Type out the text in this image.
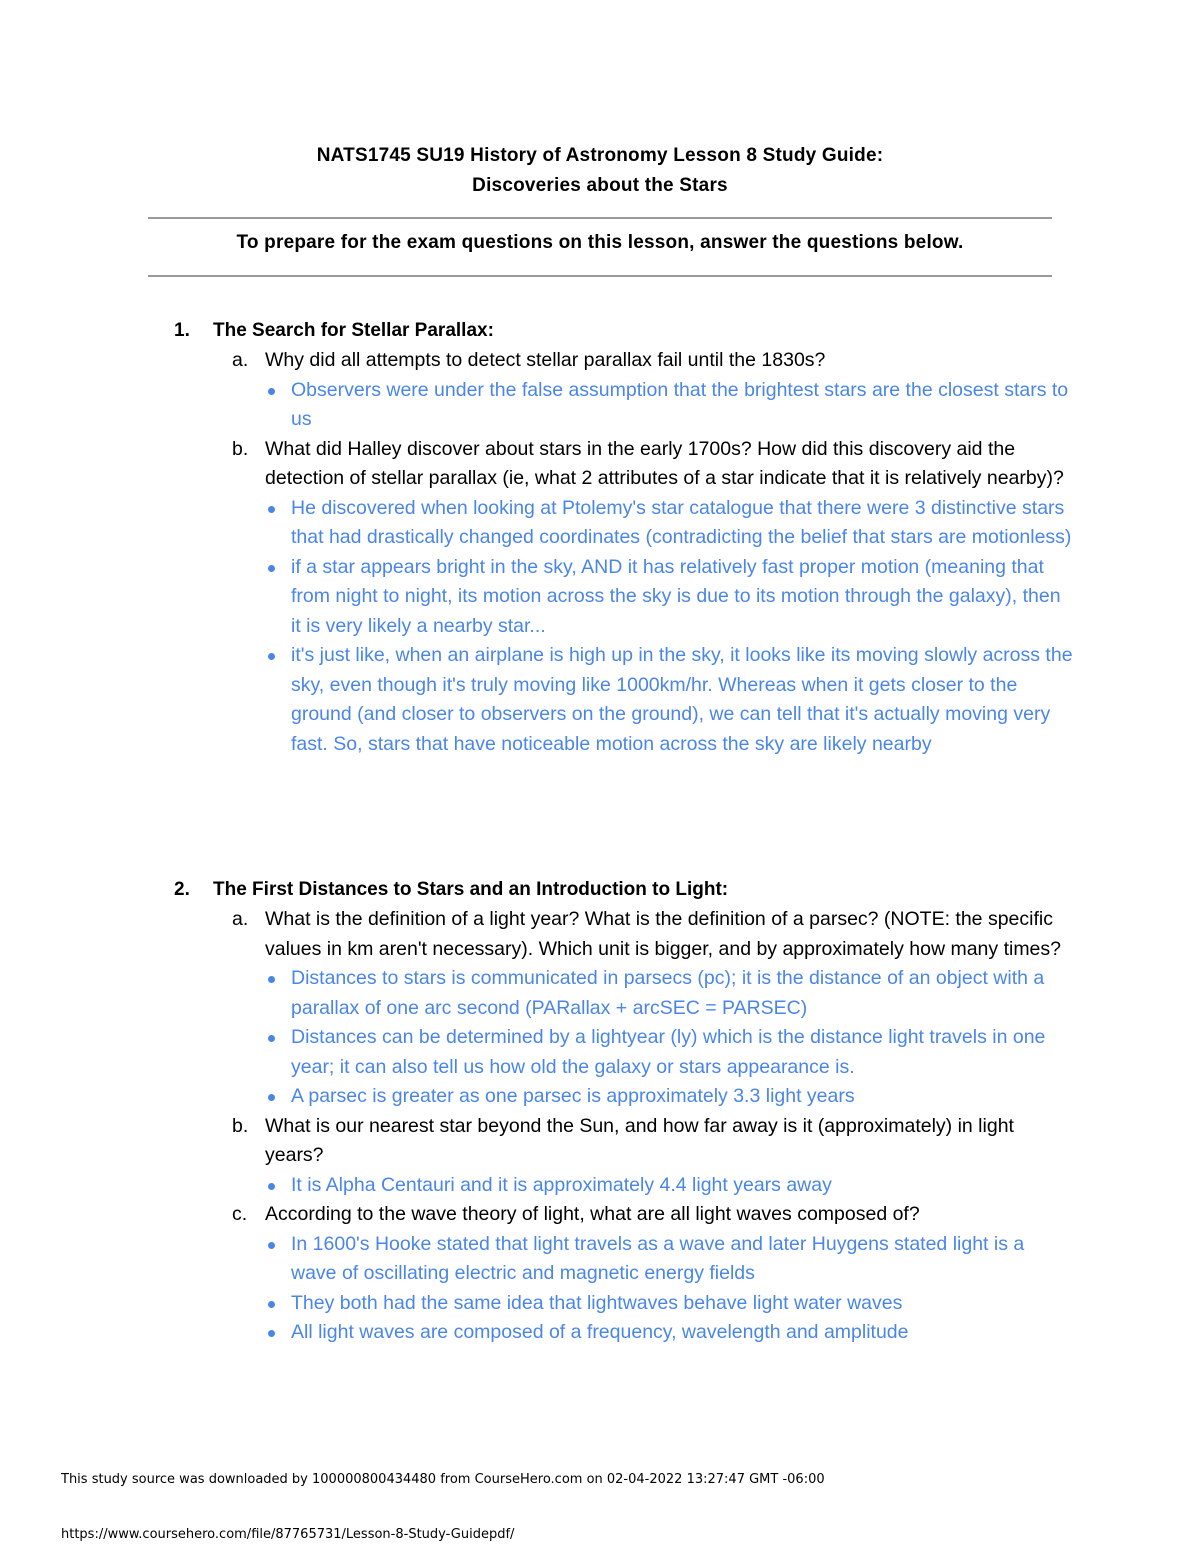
NATS1745 SU19 History of Astronomy Lesson 8 Study Guide:
Discoveries about the Stars
To prepare for the exam questions on this lesson, answer the questions below.
1. The Search for Stellar Parallax:
a. Why did all attempts to detect stellar parallax fail until the 1830s?
Observers were under the false assumption that the brightest stars are the closest stars to us
b. What did Halley discover about stars in the early 1700s? How did this discovery aid the detection of stellar parallax (ie, what 2 attributes of a star indicate that it is relatively nearby)?
He discovered when looking at Ptolemy's star catalogue that there were 3 distinctive stars that had drastically changed coordinates (contradicting the belief that stars are motionless)
if a star appears bright in the sky, AND it has relatively fast proper motion (meaning that from night to night, its motion across the sky is due to its motion through the galaxy), then it is very likely a nearby star...
it's just like, when an airplane is high up in the sky, it looks like its moving slowly across the sky, even though it's truly moving like 1000km/hr. Whereas when it gets closer to the ground (and closer to observers on the ground), we can tell that it's actually moving very fast. So, stars that have noticeable motion across the sky are likely nearby
2. The First Distances to Stars and an Introduction to Light:
a. What is the definition of a light year? What is the definition of a parsec? (NOTE: the specific values in km aren't necessary). Which unit is bigger, and by approximately how many times?
Distances to stars is communicated in parsecs (pc); it is the distance of an object with a parallax of one arc second (PARallax + arcSEC = PARSEC)
Distances can be determined by a lightyear (ly) which is the distance light travels in one year; it can also tell us how old the galaxy or stars appearance is.
A parsec is greater as one parsec is approximately 3.3 light years
b. What is our nearest star beyond the Sun, and how far away is it (approximately) in light years?
It is Alpha Centauri and it is approximately 4.4 light years away
c. According to the wave theory of light, what are all light waves composed of?
In 1600's Hooke stated that light travels as a wave and later Huygens stated light is a wave of oscillating electric and magnetic energy fields
They both had the same idea that lightwaves behave light water waves
All light waves are composed of a frequency, wavelength and amplitude
This study source was downloaded by 100000800434480 from CourseHero.com on 02-04-2022 13:27:47 GMT -06:00
https://www.coursehero.com/file/87765731/Lesson-8-Study-Guidepdf/
